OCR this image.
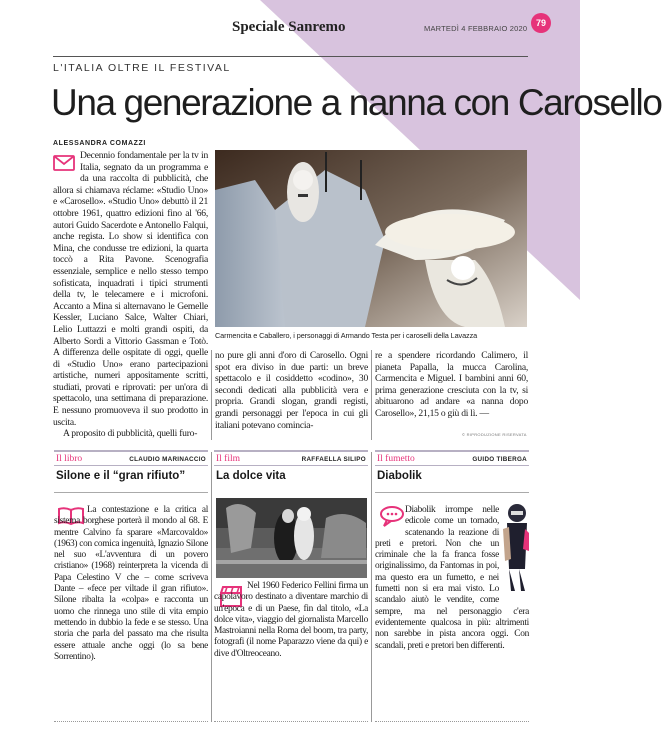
Speciale Sanremo	MARTEDÌ 4 FEBBRAIO 2020
79
L'ITALIA OLTRE IL FESTIVAL
Una generazione a nanna con Carosello
ALESSANDRA COMAZZI

Decennio fondamentale per la tv in Italia, segnato da un programma e da una raccolta di pubblicità, che allora si chiamava réclame: «Studio Uno» e «Carosello». «Studio Uno» debuttò il 21 ottobre 1961, quattro edizioni fino al '66, autori Guido Sacerdote e Antonello Falqui, anche regista. Lo show si identifica con Mina, che condusse tre edizioni, la quarta toccò a Rita Pavone. Scenografia essenziale, semplice e nello stesso tempo sofisticata, inquadrati i tipici strumenti della tv, le telecamere e i microfoni. Accanto a Mina si alternavano le Gemelle Kessler, Luciano Salce, Walter Chiari, Lelio Luttazzi e molti grandi ospiti, da Alberto Sordi a Vittorio Gassman e Totò. A differenza delle ospitate di oggi, quelle di «Studio Uno» erano partecipazioni artistiche, numeri appositamente scritti, studiati, provati e riprovati: per un'ora di spettacolo, una settimana di preparazione. E nessuno promuoveva il suo prodotto in uscita.

A proposito di pubblicità, quelli furo-

Carmencita e Caballero, i personaggi di Armando Testa per i caroselli della Lavazza
no pure gli anni d'oro di Carosello. Ogni spot era diviso in due parti: un breve spettacolo e il cosiddetto «codino», 30 secondi dedicati alla pubblicità vera e propria. Grandi slogan, grandi registi, grandi personaggi per l'epoca in cui gli italiani potevano comincia-
re a spendere ricordando Calimero, il pianeta Papalla, la mucca Carolina, Carmencita e Miguel. I bambini anni 60, prima generazione cresciuta con la tv, si abituarono ad andare «a nanna dopo Carosello», 21,15 o giù di lì. —
© RIPRODUZIONE RISERVATA
Il libro	CLAUDIO MARINACCIO
Silone e il “gran rifiuto”
La contestazione e la critica al sistema borghese porterà il mondo al 68. E mentre Calvino fa sparare «Marcovaldo» (1963) con comica ingenuità, Ignazio Silone nel suo «L'avventura di un povero cristiano» (1968) reinterpreta la vicenda di Papa Celestino V che – come scriveva Dante – «fece per viltade il gran rifiuto». Silone ribalta la «colpa» e racconta un uomo che rinnega uno stile di vita empio mettendo in dubbio la fede e se stesso. Una storia che parla del passato ma che risulta essere attuale anche oggi (lo sa bene Sorrentino).
Il film	RAFFAELLA SILIPO
La dolce vita
Nel 1960 Federico Fellini firma un capolavoro destinato a diventare marchio di un'epoca e di un Paese, fin dal titolo, «La dolce vita», viaggio del giornalista Marcello Mastroianni nella Roma del boom, tra party, fotografi (il nome Paparazzo viene da qui) e dive d'Oltreoceano.
Il fumetto	GUIDO TIBERGA
Diabolik
Diabolik irrompe nelle edicole come un tornado, scatenando la reazione di preti e pretori. Non che un criminale che la fa franca fosse originalissimo, da Fantomas in poi, ma questo era un fumetto, e nei fumetti non si era mai visto. Lo scandalo aiutò le vendite, come sempre, ma nel personaggio c'era evidentemente qualcosa in più: altrimenti non sarebbe in pista ancora oggi. Con scandali, preti e pretori ben differenti.
